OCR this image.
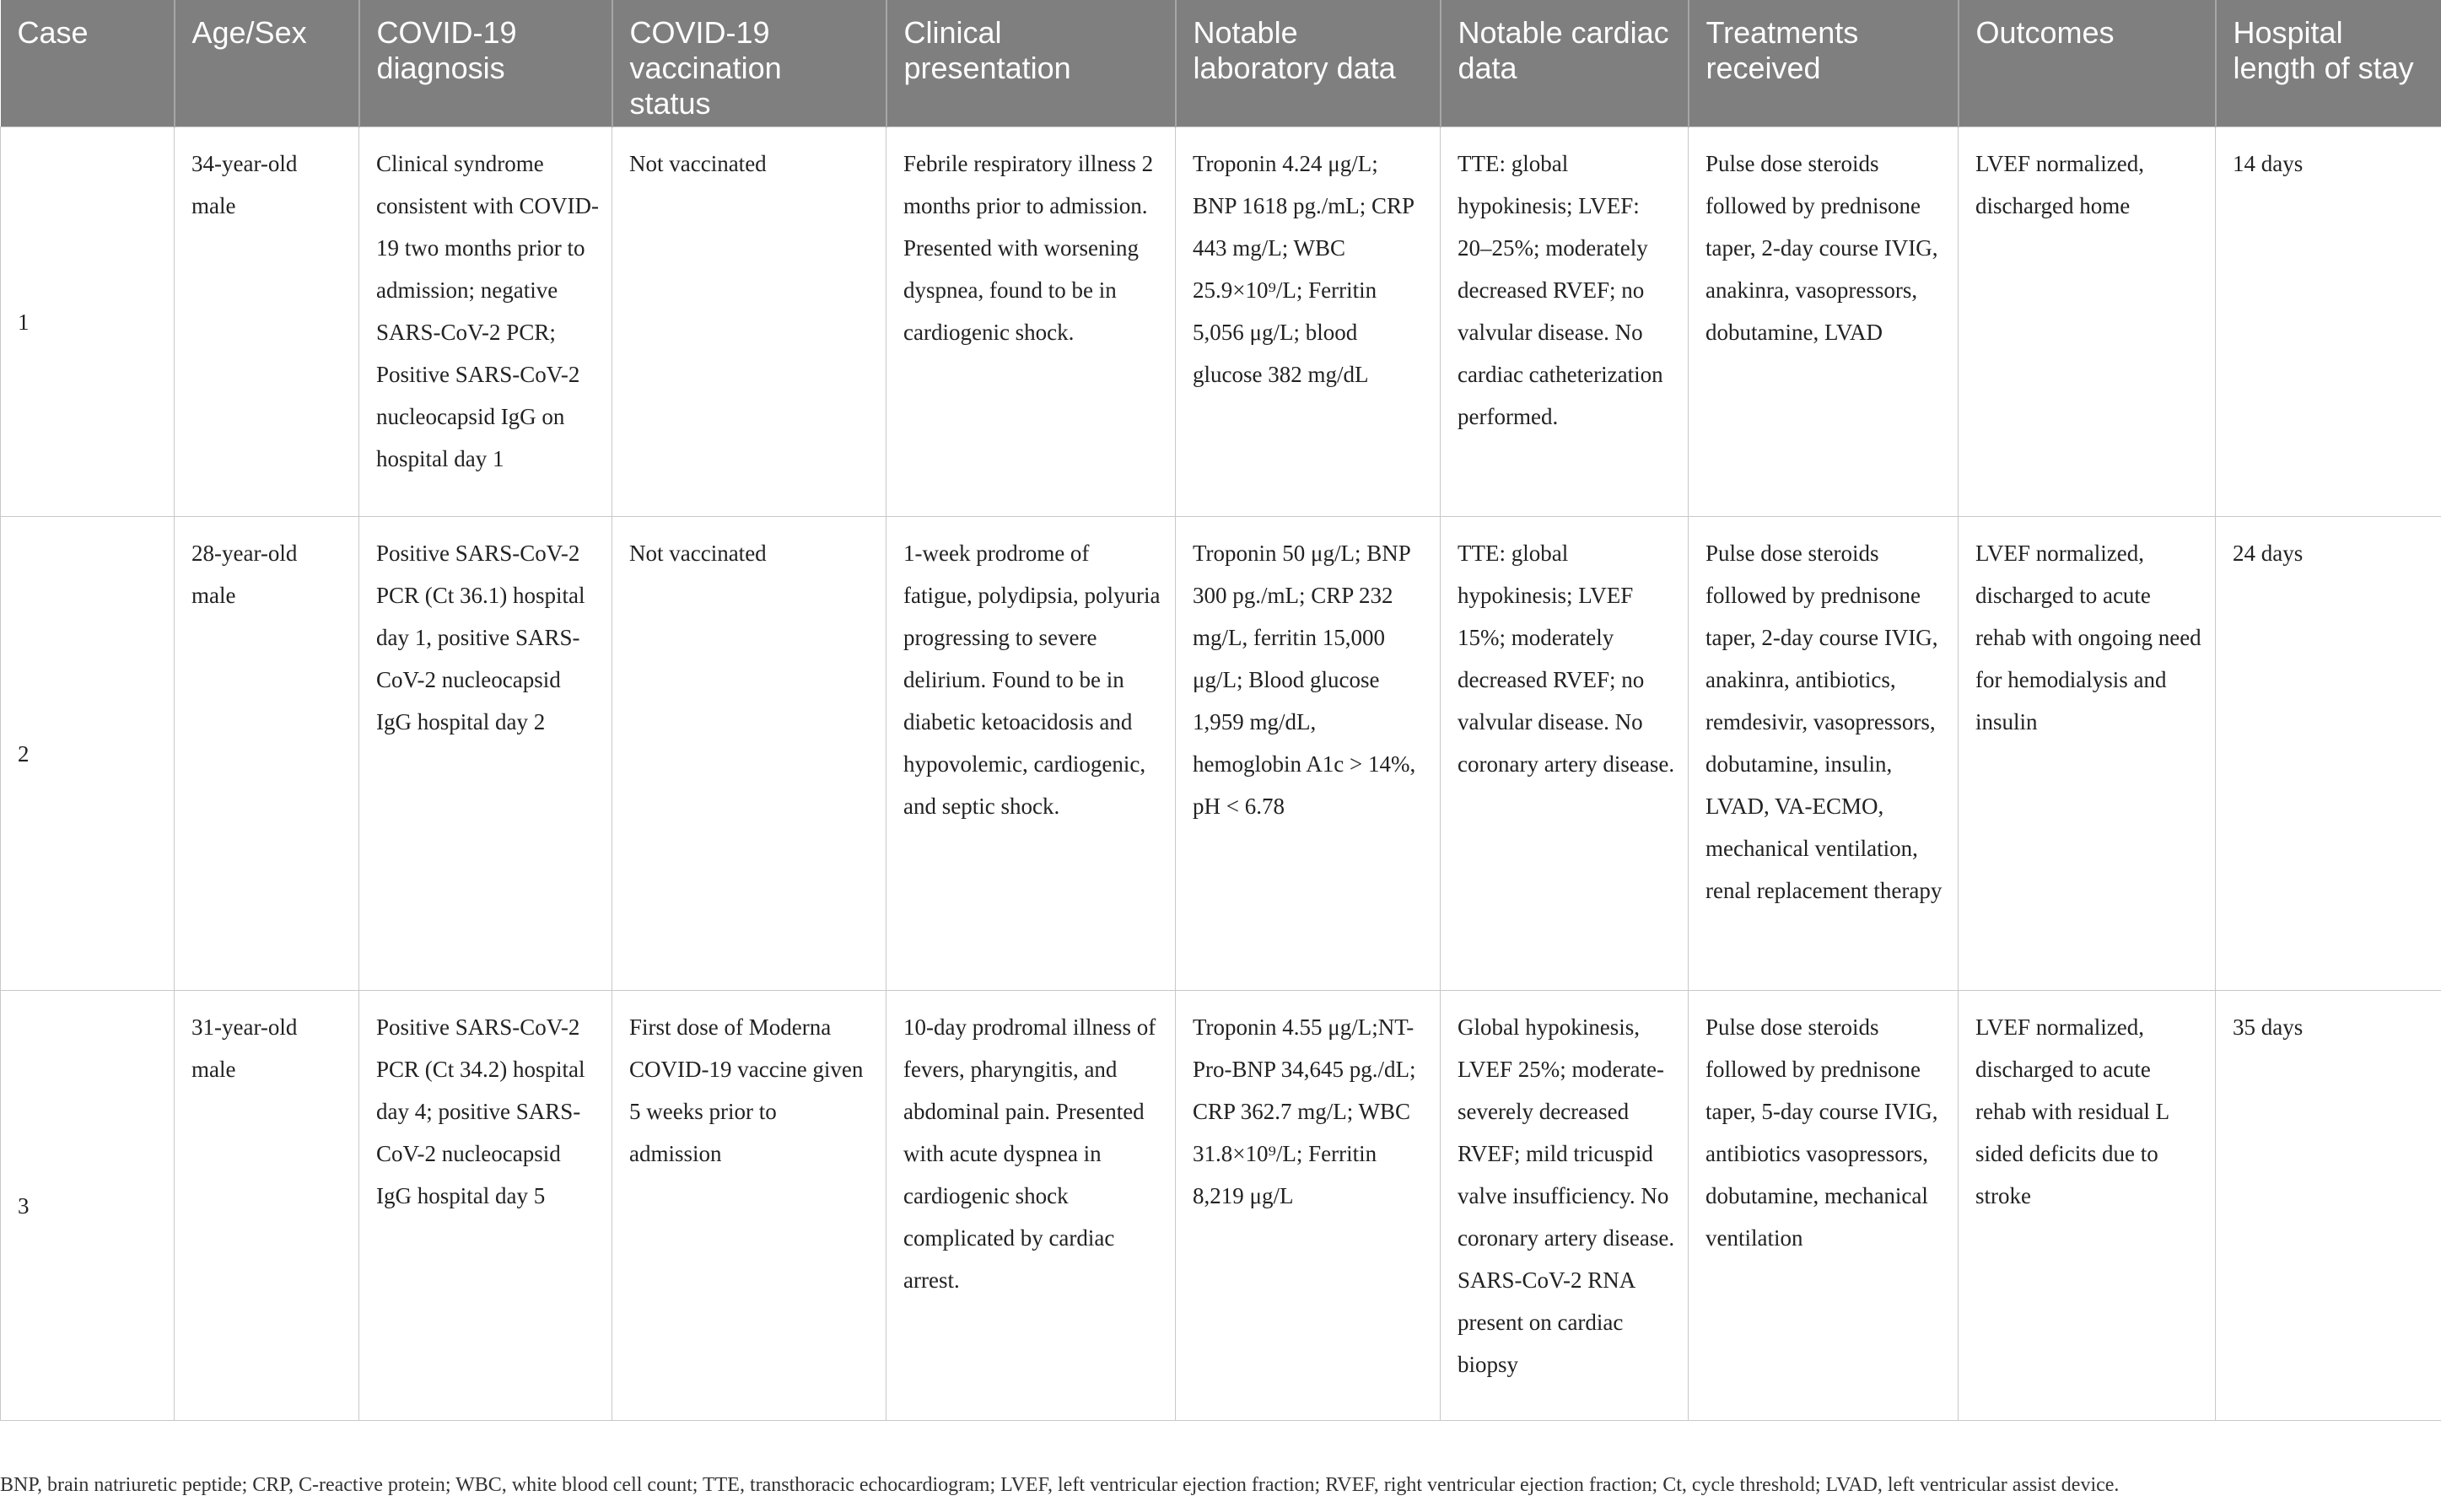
Case	Age/Sex	COVID-19 diagnosis	COVID-19 vaccination status	Clinical presentation	Notable laboratory data	Notable cardiac data	Treatments received	Outcomes	Hospital length of stay
1	34-year-old male	Clinical syndrome consistent with COVID-19 two months prior to admission; negative SARS-CoV-2 PCR; Positive SARS-CoV-2 nucleocapsid IgG on hospital day 1	Not vaccinated	Febrile respiratory illness 2 months prior to admission. Presented with worsening dyspnea, found to be in cardiogenic shock.	Troponin 4.24 μg/L; BNP 1618 pg./mL; CRP 443 mg/L; WBC 25.9×10⁹/L; Ferritin 5,056 μg/L; blood glucose 382 mg/dL	TTE: global hypokinesis; LVEF: 20–25%; moderately decreased RVEF; no valvular disease. No cardiac catheterization performed.	Pulse dose steroids followed by prednisone taper, 2-day course IVIG, anakinra, vasopressors, dobutamine, LVAD	LVEF normalized, discharged home	14 days
2	28-year-old male	Positive SARS-CoV-2 PCR (Ct 36.1) hospital day 1, positive SARS-CoV-2 nucleocapsid IgG hospital day 2	Not vaccinated	1-week prodrome of fatigue, polydipsia, polyuria progressing to severe delirium. Found to be in diabetic ketoacidosis and hypovolemic, cardiogenic, and septic shock.	Troponin 50 μg/L; BNP 300 pg./mL; CRP 232 mg/L, ferritin 15,000 μg/L; Blood glucose 1,959 mg/dL, hemoglobin A1c > 14%, pH < 6.78	TTE: global hypokinesis; LVEF 15%; moderately decreased RVEF; no valvular disease. No coronary artery disease.	Pulse dose steroids followed by prednisone taper, 2-day course IVIG, anakinra, antibiotics, remdesivir, vasopressors, dobutamine, insulin, LVAD, VA-ECMO, mechanical ventilation, renal replacement therapy	LVEF normalized, discharged to acute rehab with ongoing need for hemodialysis and insulin	24 days
3	31-year-old male	Positive SARS-CoV-2 PCR (Ct 34.2) hospital day 4; positive SARS-CoV-2 nucleocapsid IgG hospital day 5	First dose of Moderna COVID-19 vaccine given 5 weeks prior to admission	10-day prodromal illness of fevers, pharyngitis, and abdominal pain. Presented with acute dyspnea in cardiogenic shock complicated by cardiac arrest.	Troponin 4.55 μg/L;NT-Pro-BNP 34,645 pg./dL; CRP 362.7 mg/L; WBC 31.8×10⁹/L; Ferritin 8,219 μg/L	Global hypokinesis, LVEF 25%; moderate-severely decreased RVEF; mild tricuspid valve insufficiency. No coronary artery disease. SARS-CoV-2 RNA present on cardiac biopsy	Pulse dose steroids followed by prednisone taper, 5-day course IVIG, antibiotics vasopressors, dobutamine, mechanical ventilation	LVEF normalized, discharged to acute rehab with residual L sided deficits due to stroke	35 days
BNP, brain natriuretic peptide; CRP, C-reactive protein; WBC, white blood cell count; TTE, transthoracic echocardiogram; LVEF, left ventricular ejection fraction; RVEF, right ventricular ejection fraction; Ct, cycle threshold; LVAD, left ventricular assist device.
